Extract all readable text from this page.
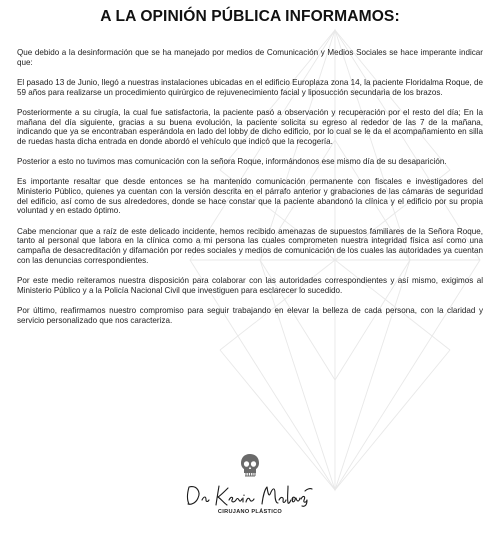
A LA OPINIÓN PÚBLICA INFORMAMOS:

Que debido a la desinformación que se ha manejado por medios de Comunicación y Medios Sociales se hace imperante indicar que:

El pasado 13 de Junio, llegó a nuestras instalaciones ubicadas en el edificio Europlaza zona 14, la paciente Floridalma Roque, de 59 años para realizarse un procedimiento quirúrgico de rejuvenecimiento facial y liposucción secundaria de los brazos.

Posteriormente a su cirugía, la cual fue satisfactoria, la paciente pasó a observación y recuperación por el resto del día; En la mañana del día siguiente, gracias a su buena evolución, la paciente solicita su egreso al rededor de las 7 de la mañana, indicando que ya se encontraban esperándola en lado del lobby de dicho edificio, por lo cual se le da el acompañamiento en silla de ruedas hasta dicha entrada en donde abordó el vehículo que indicó que la recogería.

Posterior a esto no tuvimos mas comunicación con la señora Roque, informándonos ese mismo día de su desaparición.

Es importante resaltar que desde entonces se ha mantenido comunicación permanente con fiscales e investigadores del Ministerio Público, quienes ya cuentan con la versión descrita en el párrafo anterior y grabaciones de las cámaras de seguridad del edificio, así como de sus alrededores, donde se hace constar que la paciente abandonó la clínica y el edificio por su propia voluntad y en estado óptimo.

Cabe mencionar que a raíz de este delicado incidente, hemos recibido amenazas de supuestos familiares de la Señora Roque, tanto al personal que labora en la clínica como a mi persona las cuales comprometen nuestra integridad física así como una campaña de desacreditación y difamación por redes sociales y medios de comunicación de los cuales las autoridades ya cuentan con las denuncias correspondientes.

Por este medio reiteramos nuestra disposición para colaborar con las autoridades correspondientes y así mismo, exigimos al Ministerio Público y a la Policía Nacional Civil que investiguen para esclarecer lo sucedido.

Por último, reafirmamos nuestro compromiso para seguir trabajando en elevar la belleza de cada persona, con la claridad y servicio personalizado que nos caracteriza.

CIRUJANO PLÁSTICO
